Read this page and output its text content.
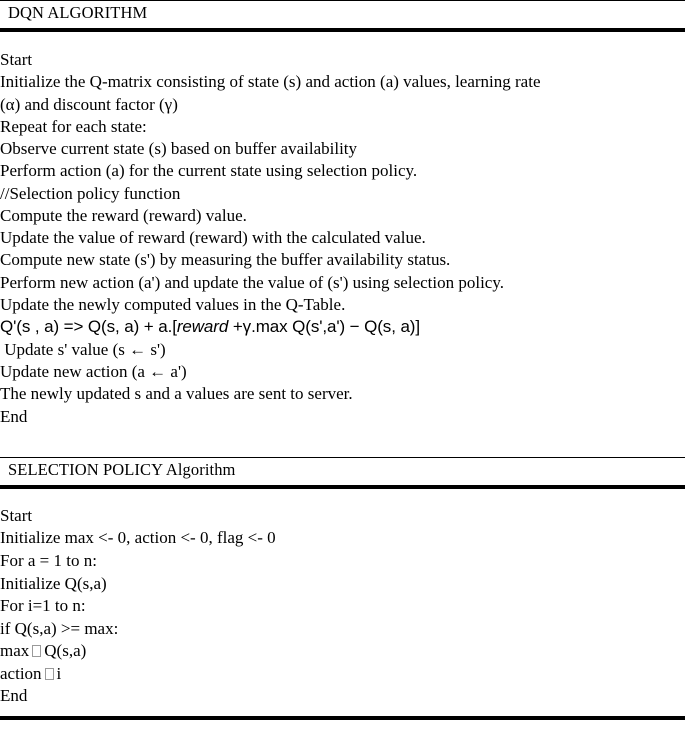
DQN ALGORITHM
Start
Initialize the Q-matrix consisting of state (s) and action (a) values, learning rate
(α) and discount factor (γ)
Repeat for each state:
Observe current state (s) based on buffer availability
Perform action (a) for the current state using selection policy.
//Selection policy function
Compute the reward (reward) value.
Update the value of reward (reward) with the calculated value.
Compute new state (s') by measuring the buffer availability status.
Perform new action (a') and update the value of (s') using selection policy.
Update the newly computed values in the Q-Table.
Q'(s , a) => Q(s, a) + a.[reward +γ.max Q(s',a') − Q(s, a)]
Update s' value (s ← s')
Update new action (a ← a')
The newly updated s and a values are sent to server.
End
SELECTION POLICY Algorithm
Start
Initialize max <- 0, action <- 0, flag <- 0
For a = 1 to n:
Initialize Q(s,a)
For i=1 to n:
if Q(s,a) >= max:
max Q(s,a)
action i
End
